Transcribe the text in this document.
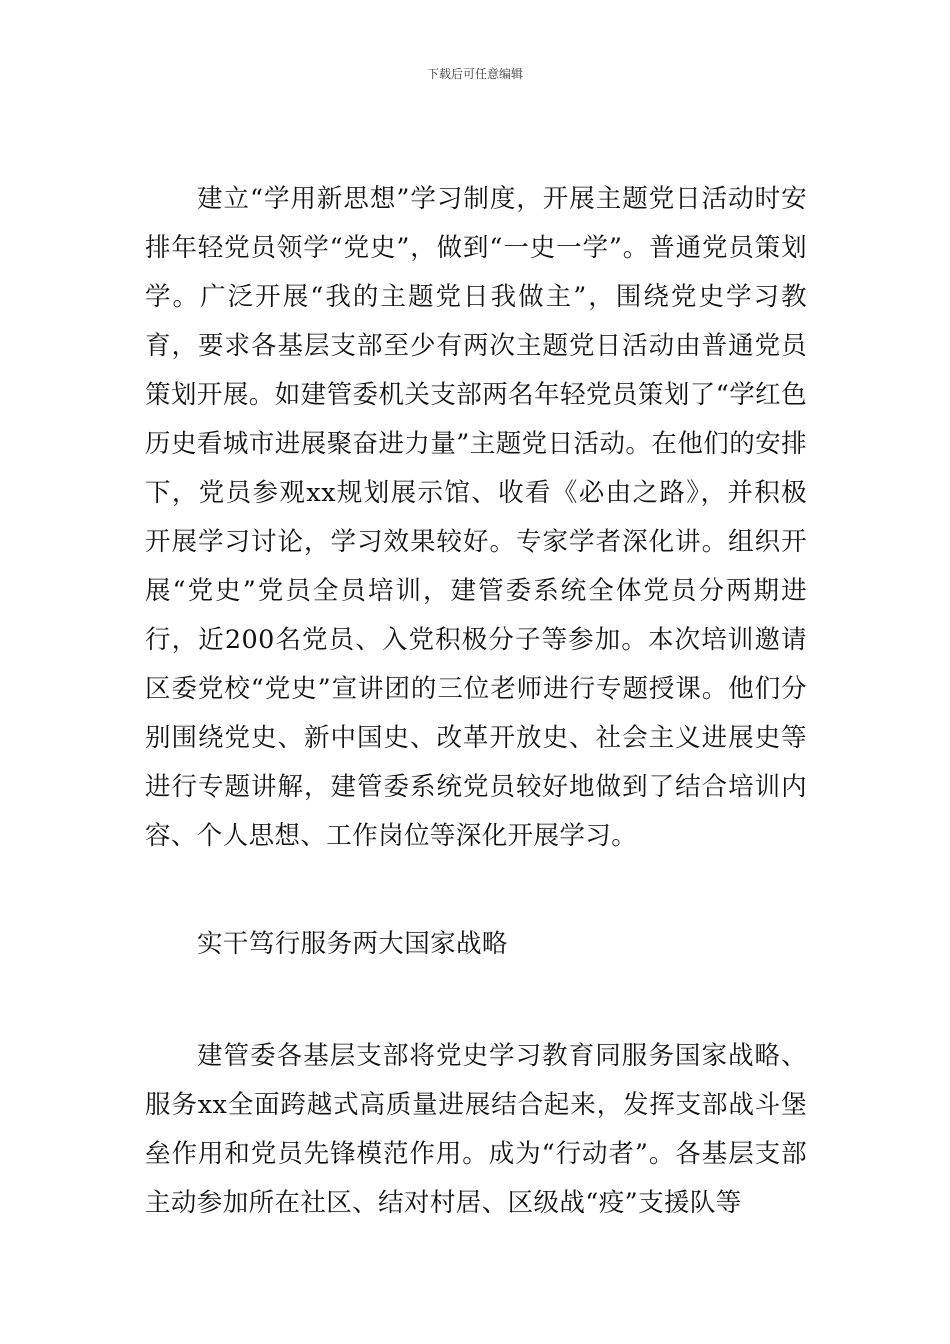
下载后可任意编辑

建立“学用新思想”学习制度，开展主题党日活动时安排年轻党员领学“党史”，做到“一史一学”。普通党员策划学。广泛开展“我的主题党日我做主”，围绕党史学习教育，要求各基层支部至少有两次主题党日活动由普通党员策划开展。如建管委机关支部两名年轻党员策划了“学红色历史看城市进展聚奋进力量”主题党日活动。在他们的安排下，党员参观xx规划展示馆、收看《必由之路》，并积极开展学习讨论，学习效果较好。专家学者深化讲。组织开展“党史”党员全员培训，建管委系统全体党员分两期进行，近200名党员、入党积极分子等参加。本次培训邀请区委党校“党史”宣讲团的三位老师进行专题授课。他们分别围绕党史、新中国史、改革开放史、社会主义进展史等进行专题讲解，建管委系统党员较好地做到了结合培训内容、个人思想、工作岗位等深化开展学习。

实干笃行服务两大国家战略

建管委各基层支部将党史学习教育同服务国家战略、服务xx全面跨越式高质量进展结合起来，发挥支部战斗堡垒作用和党员先锋模范作用。成为“行动者”。各基层支部主动参加所在社区、结对村居、区级战“疫”支援队等
